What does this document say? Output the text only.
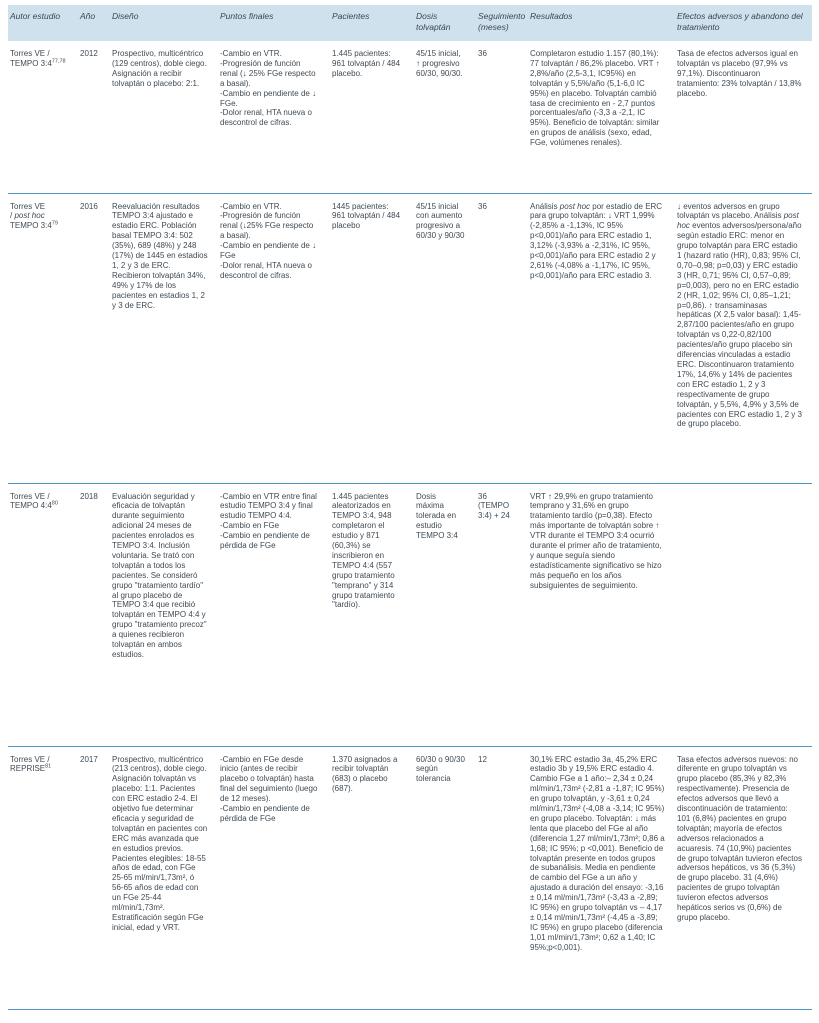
Autor estudio	Año	Diseño	Puntos finales	Pacientes	Dosis tolvaptán	Seguimiento (meses)	Resultados	Efectos adversos y abandono del tratamiento
Torres VE /
TEMPO 3:4$^{77,78}$	2012	Prospectivo, multicéntrico (129 centros), doble ciego. Asignación a recibir tolvaptán o placebo: 2:1.	-Cambio en VTR.
-Progresión de función renal (↓ 25% FGe respecto a basal).
-Cambio en pendiente de ↓ FGe.
-Dolor renal, HTA nueva o descontrol de cifras.	1.445 pacientes: 961 tolvaptán / 484 placebo.	45/15 inicial, ↑ progresivo 60/30, 90/30.	36	Completaron estudio 1.157 (80,1%): 77 tolvaptán / 86,2% placebo. VRT ↑ 2,8%/año (2,5-3,1, IC95%) en tolvaptán y 5,5%/año (5,1-6,0 IC 95%) en placebo. Tolvaptán cambió tasa de crecimiento en - 2,7 puntos porcentuales/año (-3,3 a -2,1, IC 95%). Beneficio de tolvaptán: similar en grupos de análisis (sexo, edad, FGe, volúmenes renales).	Tasa de efectos adversos igual en tolvaptán vs placebo (97,9% vs 97,1%). Discontinuaron tratamiento: 23% tolvaptán / 13,8% placebo.
Torres VE
/ post hoc
TEMPO $3:4^{79}$	2016	Reevaluación resultados TEMPO 3:4 ajustado e estadio ERC. Población basal TEMPO 3:4: 502 (35%), 689 (48%) y 248 (17%) de 1445 en estadios 1, 2 y 3 de ERC. Recibieron tolvaptán 34%, 49% y 17% de los pacientes en estadios 1, 2 y 3 de ERC.	-Cambio en VTR.
-Progresión de función renal (↓25% FGe respecto a basal).
-Cambio en pendiente de ↓ FGe
-Dolor renal, HTA nueva o descontrol de cifras.	1445 pacientes: 961 tolvaptán / 484 placebo	45/15 inicial con aumento progresivo a 60/30 y 90/30	36	Análisis post hoc por estadio de ERC para grupo tolvaptán: ↓ VRT 1,99% (-2,85% a -1,13%, IC 95% p<0,001)/año para ERC estadio 1, 3,12% (-3,93% a -2,31%, IC 95%, p<0,001)/año para ERC estadio 2 y 2,61% (-4,08% a -1,17%, IC 95%, p<0,001)/año para ERC estadio 3.	↓ eventos adversos en grupo tolvaptán vs placebo. Análisis post hoc eventos adversos/persona/año según estadio ERC: menor en grupo tolvaptán para ERC estadio 1 (hazard ratio (HR), 0,83; 95% CI, 0,70–0,98; p=0,03) y ERC estadio 3 (HR, 0,71; 95% CI, 0,57–0,89; p=0,003), pero no en ERC estadio 2 (HR, 1,02; 95% CI, 0,85–1,21; p=0,86). ↑ transaminasas hepáticas (X 2,5 valor basal): 1,45- 2,87/100 pacientes/año en grupo tolvaptán vs 0,22-0,82/100 pacientes/año grupo placebo sin diferencias vinculadas a estadio ERC. Discontinuaron tratamiento 17%, 14,6% y 14% de pacientes con ERC estadio 1, 2 y 3 respectivamente de grupo tolvaptán, y 5,5%, 4,9% y 3,5% de pacientes con ERC estadio 1, 2 y 3 de grupo placebo.
Torres VE /
TEMPO $4:4^{80}$	2018	Evaluación seguridad y eficacia de tolvaptán durante seguimiento adicional 24 meses de pacientes enrolados es TEMPO 3:4. Inclusión voluntaria. Se trató con tolvaptán a todos los pacientes. Se consideró grupo "tratamiento tardío" al grupo placebo de TEMPO 3:4 que recibió tolvaptán en TEMPO 4:4 y grupo "tratamiento precoz" a quienes recibieron tolvaptán en ambos estudios.	-Cambio en VTR entre final estudio TEMPO 3:4 y final estudio TEMPO 4:4.
-Cambio en FGe
-Cambio en pendiente de pérdida de FGe	1.445 pacientes aleatorizados en TEMPO 3:4, 948 completaron el estudio y 871 (60,3%) se inscribieron en TEMPO 4:4 (557 grupo tratamiento "temprano" y 314 grupo tratamiento "tardío).	Dosis máxima tolerada en estudio TEMPO 3:4	36 (TEMPO 3:4) + 24	VRT ↑ 29,9% en grupo tratamiento temprano y 31,6% en grupo tratamiento tardío (p=0,38). Efecto más importante de tolvaptán sobre ↑ VTR durante el TEMPO 3:4 ocurrió durante el primer año de tratamiento, y aunque seguía siendo estadísticamente significativo se hizo más pequeño en los años subsiguientes de seguimiento.	
Torres VE /
REPRISE$^{81}$	2017	Prospectivo, multicéntrico (213 centros), doble ciego. Asignación tolvaptán vs placebo: 1:1. Pacientes con ERC estadio 2-4. El objetivo fue determinar eficacia y seguridad de tolvaptán en pacientes con ERC más avanzada que en estudios previos. Pacientes elegibles: 18-55 años de edad, con FGe 25-65 ml/min/1,73m², ó 56-65 años de edad con un FGe 25-44 ml/min/1,73m². Estratificación según FGe inicial, edad y VRT.	-Cambio en FGe desde inicio (antes de recibir placebo o tolvaptán) hasta final del seguimiento (luego de 12 meses).
-Cambio en pendiente de pérdida de FGe	1.370 asignados a recibir tolvaptán (683) o placebo (687).	60/30 o 90/30 según tolerancia	12	30,1% ERC estadio 3a, 45,2% ERC estadio 3b y 19,5% ERC estadio 4. Cambio FGe a 1 año:– 2,34 ± 0,24 ml/min/1,73m² (-2,81 a -1,87; IC 95%) en grupo tolvaptán, y -3,61 ± 0,24 ml/min/1,73m² (-4,08 a -3,14; IC 95%) en grupo placebo. Tolvaptán: ↓ más lenta que placebo del FGe al año (diferencia 1,27 ml/min/1,73m²; 0,86 a 1,68; IC 95%; p <0,001). Beneficio de tolvaptán presente en todos grupos de subanálisis. Media en pendiente de cambio del FGe a un año y ajustado a duración del ensayo: -3,16 ± 0,14 ml/min/1,73m² (-3,43 a -2,89; IC 95%) en grupo tolvaptán vs – 4,17 ± 0,14 ml/min/1,73m² (-4,45 a -3,89; IC 95%) en grupo placebo (diferencia 1,01 ml/min/1,73m²; 0,62 a 1,40; IC 95%;p<0,001).	Tasa efectos adversos nuevos: no diferente en grupo tolvaptán vs grupo placebo (85,3% y 82,3% respectivamente). Presencia de efectos adversos que llevó a discontinuación de tratamiento: 101 (6,8%) pacientes en grupo tolvaptán; mayoría de efectos adversos relacionados a acuaresis. 74 (10,9%) pacientes de grupo tolvaptán tuvieron efectos adversos hepáticos, vs 36 (5,3%) de grupo placebo. 31 (4,6%) pacientes de grupo tolvaptán tuvieron efectos adversos hepáticos serios vs (0,6%) de grupo placebo.
